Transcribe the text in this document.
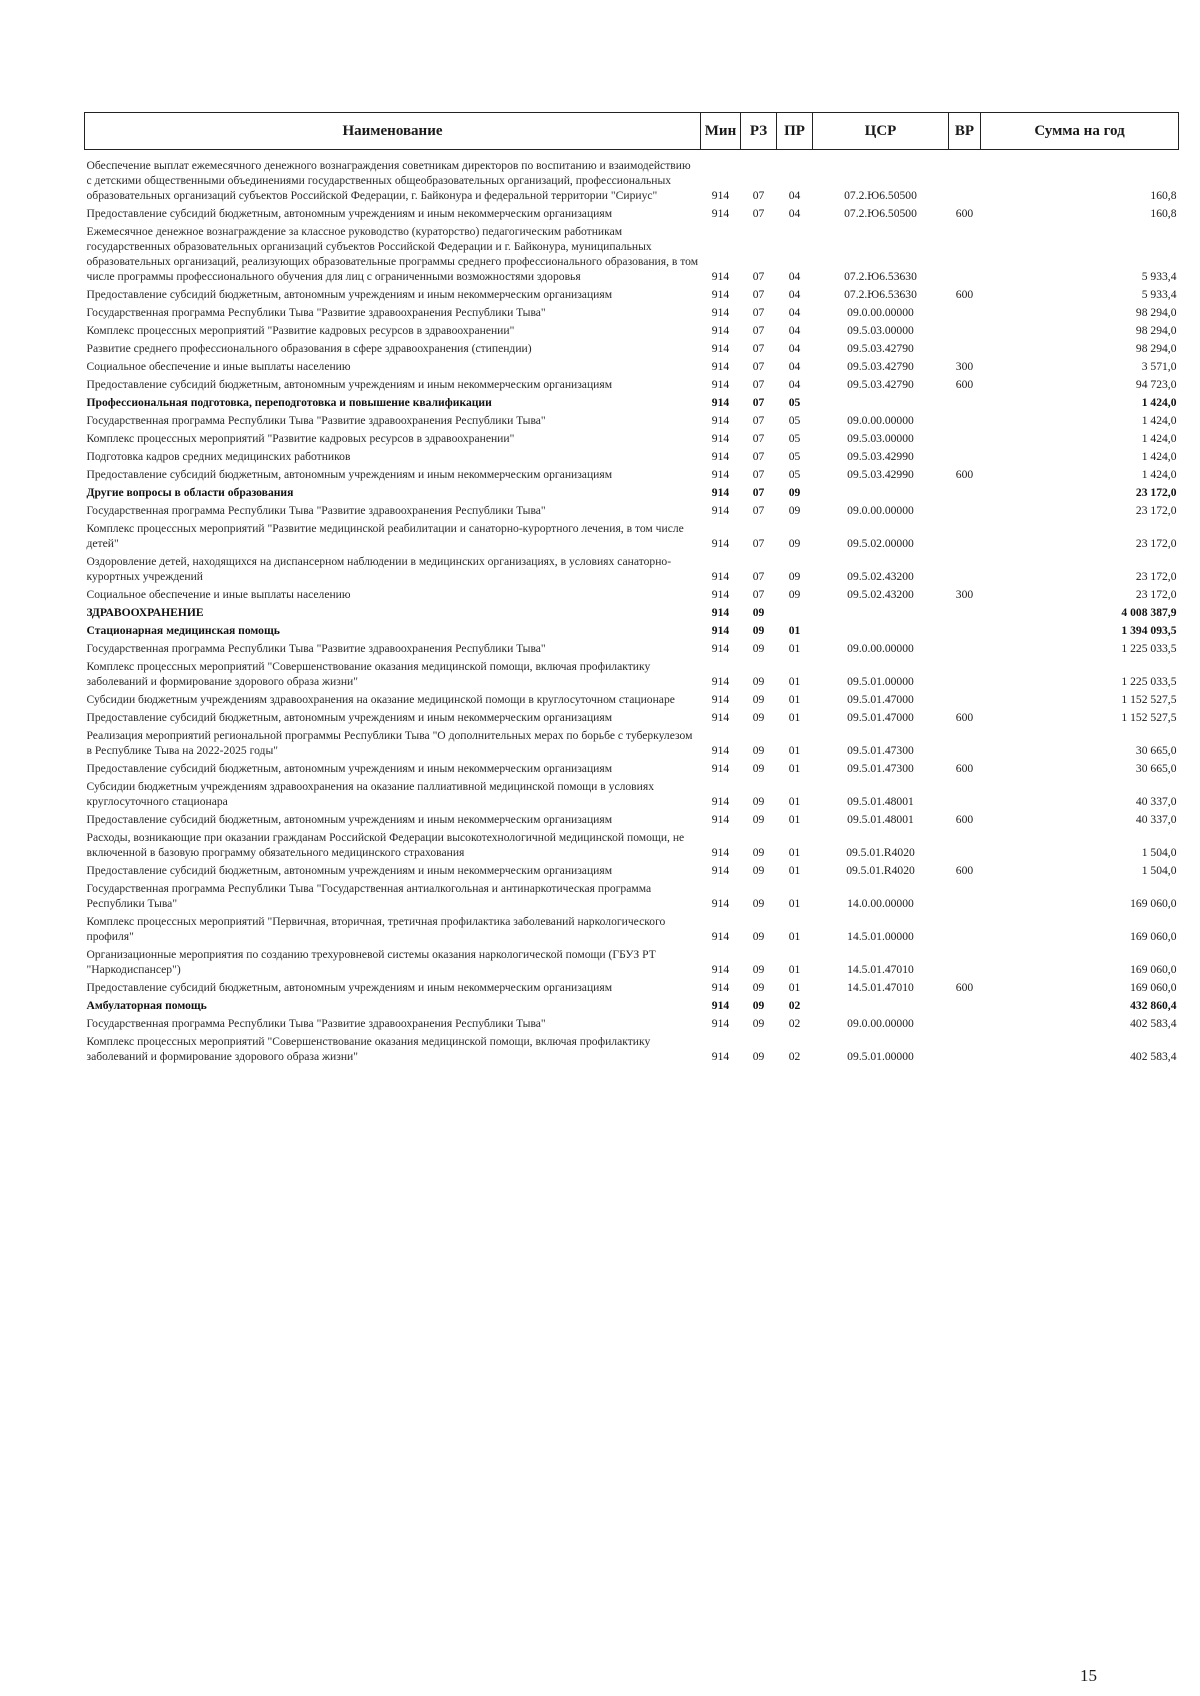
Наименование	Мин	РЗ	ПР	ЦСР	ВР	Сумма на год
Обеспечение выплат ежемесячного денежного вознаграждения советникам директоров по воспитанию и взаимодействию с детскими общественными объединениями государственных общеобразовательных организаций, профессиональных образовательных организаций субъектов Российской Федерации, г. Байконура и федеральной территории "Сириус"	914	07	04	07.2.Ю6.50500		160,8
Предоставление субсидий бюджетным, автономным учреждениям и иным некоммерческим организациям	914	07	04	07.2.Ю6.50500	600	160,8
Ежемесячное денежное вознаграждение за классное руководство (кураторство) педагогическим работникам государственных образовательных организаций субъектов Российской Федерации и г. Байконура, муниципальных образовательных организаций, реализующих образовательные программы среднего профессионального образования, в том числе программы профессионального обучения для лиц с ограниченными возможностями здоровья	914	07	04	07.2.Ю6.53630		5 933,4
Предоставление субсидий бюджетным, автономным учреждениям и иным некоммерческим организациям	914	07	04	07.2.Ю6.53630	600	5 933,4
Государственная программа Республики Тыва "Развитие здравоохранения Республики Тыва"	914	07	04	09.0.00.00000		98 294,0
Комплекс процессных мероприятий "Развитие кадровых ресурсов в здравоохранении"	914	07	04	09.5.03.00000		98 294,0
Развитие среднего профессионального образования в сфере здравоохранения (стипендии)	914	07	04	09.5.03.42790		98 294,0
Социальное обеспечение и иные выплаты населению	914	07	04	09.5.03.42790	300	3 571,0
Предоставление субсидий бюджетным, автономным учреждениям и иным некоммерческим организациям	914	07	04	09.5.03.42790	600	94 723,0
Профессиональная подготовка, переподготовка и повышение квалификации	914	07	05			1 424,0
Государственная программа Республики Тыва "Развитие здравоохранения Республики Тыва"	914	07	05	09.0.00.00000		1 424,0
Комплекс процессных мероприятий "Развитие кадровых ресурсов в здравоохранении"	914	07	05	09.5.03.00000		1 424,0
Подготовка кадров средних медицинских работников	914	07	05	09.5.03.42990		1 424,0
Предоставление субсидий бюджетным, автономным учреждениям и иным некоммерческим организациям	914	07	05	09.5.03.42990	600	1 424,0
Другие вопросы в области образования	914	07	09			23 172,0
Государственная программа Республики Тыва "Развитие здравоохранения Республики Тыва"	914	07	09	09.0.00.00000		23 172,0
Комплекс процессных мероприятий "Развитие медицинской реабилитации и санаторно-курортного лечения, в том числе детей"	914	07	09	09.5.02.00000		23 172,0
Оздоровление детей, находящихся на диспансерном наблюдении в медицинских организациях, в условиях санаторно-курортных учреждений	914	07	09	09.5.02.43200		23 172,0
Социальное обеспечение и иные выплаты населению	914	07	09	09.5.02.43200	300	23 172,0
ЗДРАВООХРАНЕНИЕ	914	09				4 008 387,9
Стационарная медицинская помощь	914	09	01			1 394 093,5
Государственная программа Республики Тыва "Развитие здравоохранения Республики Тыва"	914	09	01	09.0.00.00000		1 225 033,5
Комплекс процессных мероприятий "Совершенствование оказания медицинской помощи, включая профилактику заболеваний и формирование здорового образа жизни"	914	09	01	09.5.01.00000		1 225 033,5
Субсидии бюджетным учреждениям здравоохранения на оказание медицинской помощи в круглосуточном стационаре	914	09	01	09.5.01.47000		1 152 527,5
Предоставление субсидий бюджетным, автономным учреждениям и иным некоммерческим организациям	914	09	01	09.5.01.47000	600	1 152 527,5
Реализация мероприятий региональной программы Республики Тыва "О дополнительных мерах по борьбе с туберкулезом в Республике Тыва на 2022-2025 годы"	914	09	01	09.5.01.47300		30 665,0
Предоставление субсидий бюджетным, автономным учреждениям и иным некоммерческим организациям	914	09	01	09.5.01.47300	600	30 665,0
Субсидии бюджетным учреждениям здравоохранения на оказание паллиативной медицинской помощи в условиях круглосуточного стационара	914	09	01	09.5.01.48001		40 337,0
Предоставление субсидий бюджетным, автономным учреждениям и иным некоммерческим организациям	914	09	01	09.5.01.48001	600	40 337,0
Расходы, возникающие при оказании гражданам Российской Федерации высокотехнологичной медицинской помощи, не включенной в базовую программу обязательного медицинского страхования	914	09	01	09.5.01.R4020		1 504,0
Предоставление субсидий бюджетным, автономным учреждениям и иным некоммерческим организациям	914	09	01	09.5.01.R4020	600	1 504,0
Государственная программа Республики Тыва "Государственная антиалкогольная и антинаркотическая программа Республики Тыва"	914	09	01	14.0.00.00000		169 060,0
Комплекс процессных мероприятий "Первичная, вторичная, третичная профилактика заболеваний наркологического профиля"	914	09	01	14.5.01.00000		169 060,0
Организационные мероприятия по созданию трехуровневой системы оказания наркологической помощи (ГБУЗ РТ "Наркодиспансер")	914	09	01	14.5.01.47010		169 060,0
Предоставление субсидий бюджетным, автономным учреждениям и иным некоммерческим организациям	914	09	01	14.5.01.47010	600	169 060,0
Амбулаторная помощь	914	09	02			432 860,4
Государственная программа Республики Тыва "Развитие здравоохранения Республики Тыва"	914	09	02	09.0.00.00000		402 583,4
Комплекс процессных мероприятий "Совершенствование оказания медицинской помощи, включая профилактику заболеваний и формирование здорового образа жизни"	914	09	02	09.5.01.00000		402 583,4
15
